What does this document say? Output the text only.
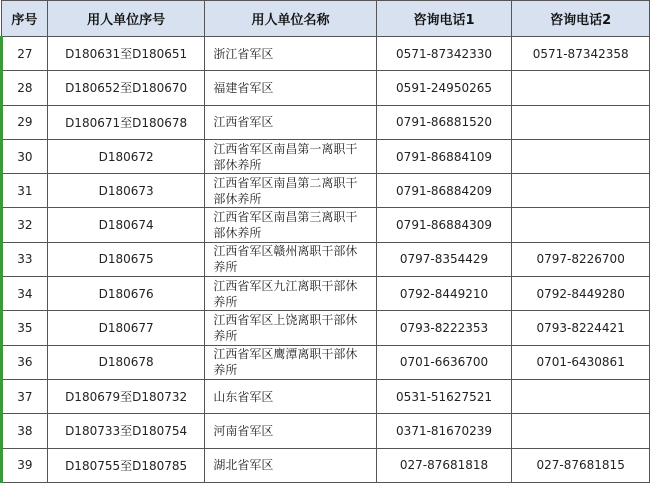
序号	用人单位序号	用人单位名称	咨询电话1	咨询电话2
27	D180631至D180651	浙江省军区	0571-87342330	0571-87342358
28	D180652至D180670	福建省军区	0591-24950265	
29	D180671至D180678	江西省军区	0791-86881520	
30	D180672	江西省军区南昌第一离职干部休养所	0791-86884109	
31	D180673	江西省军区南昌第二离职干部休养所	0791-86884209	
32	D180674	江西省军区南昌第三离职干部休养所	0791-86884309	
33	D180675	江西省军区赣州离职干部休养所	0797-8354429	0797-8226700
34	D180676	江西省军区九江离职干部休养所	0792-8449210	0792-8449280
35	D180677	江西省军区上饶离职干部休养所	0793-8222353	0793-8224421
36	D180678	江西省军区鹰潭离职干部休养所	0701-6636700	0701-6430861
37	D180679至D180732	山东省军区	0531-51627521	
38	D180733至D180754	河南省军区	0371-81670239	
39	D180755至D180785	湖北省军区	027-87681818	027-87681815
